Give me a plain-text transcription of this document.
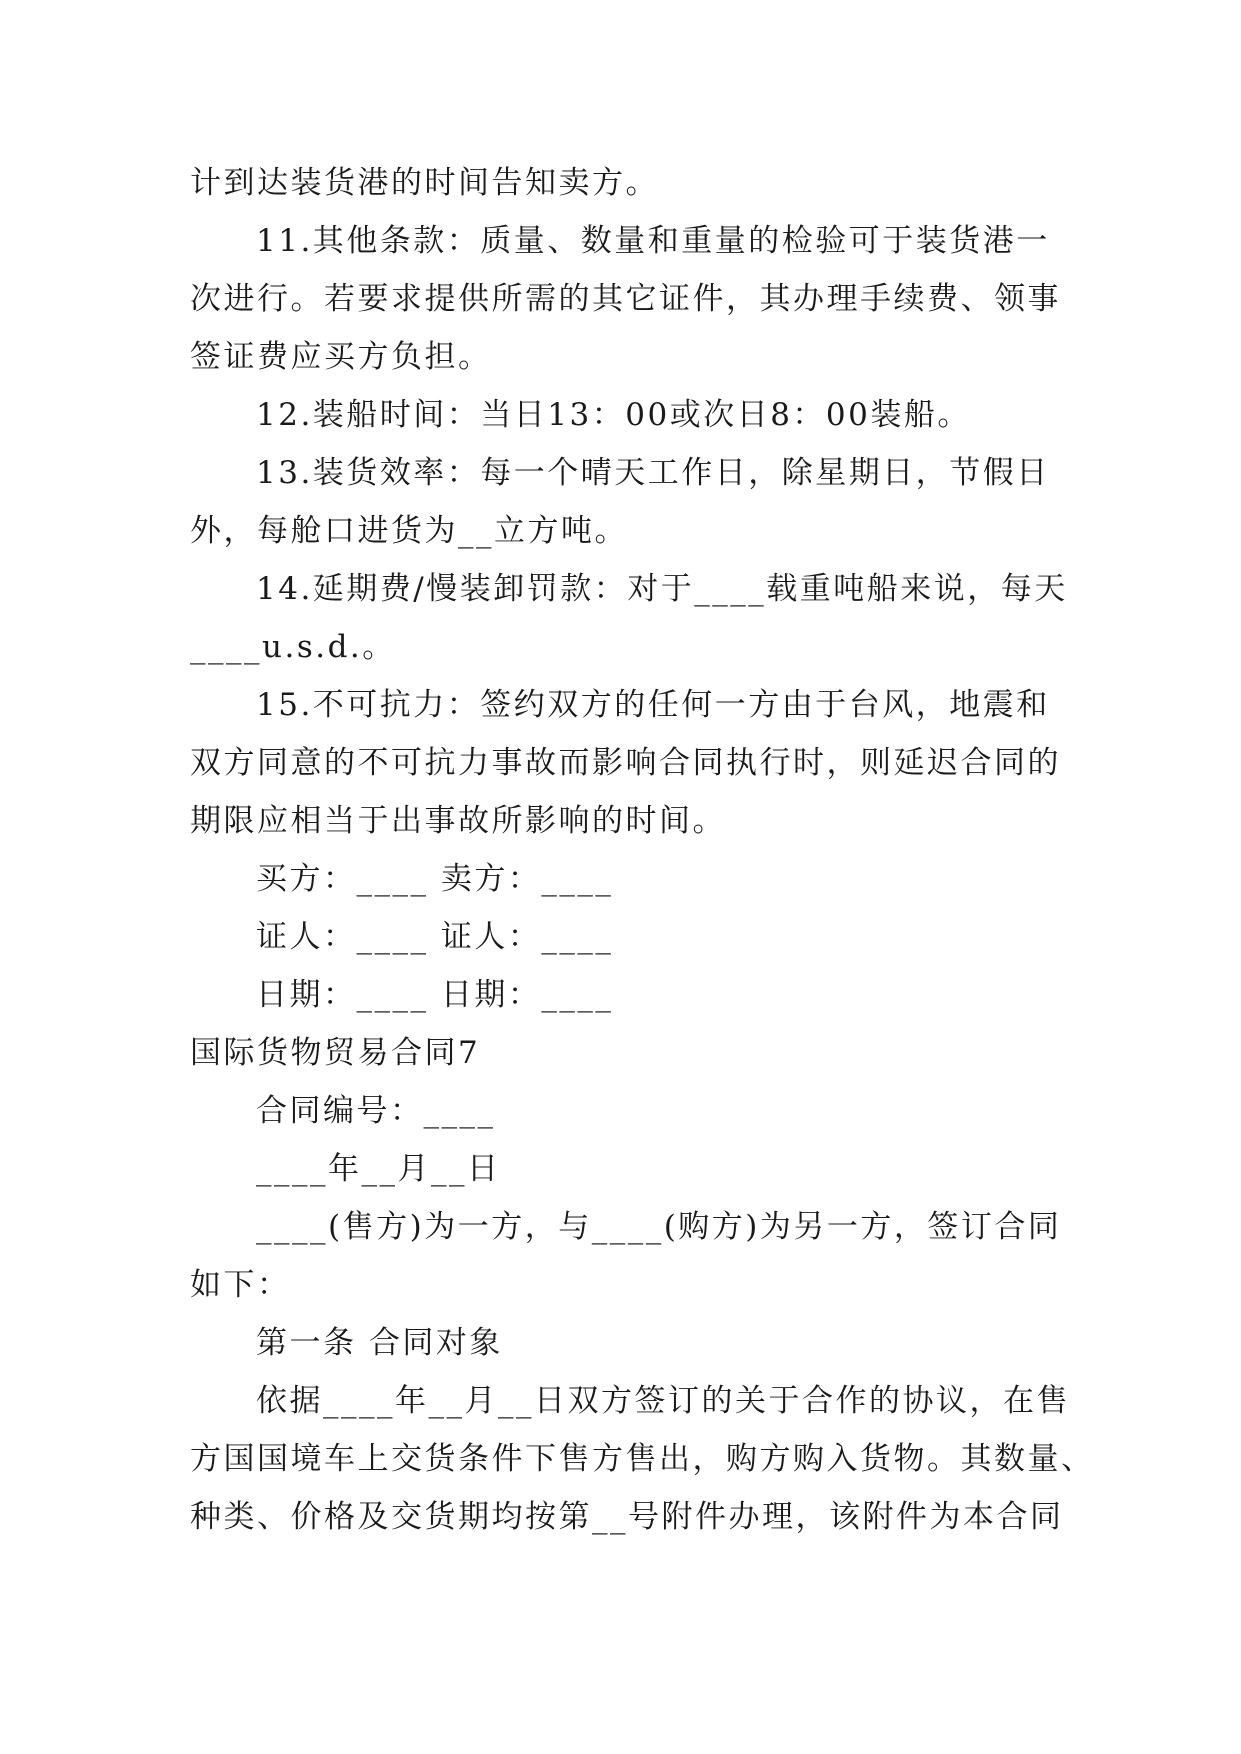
计到达装货港的时间告知卖方。
11.其他条款：质量、数量和重量的检验可于装货港一
次进行。若要求提供所需的其它证件，其办理手续费、领事
签证费应买方负担。
12.装船时间：当日13：00或次日8：00装船。
13.装货效率：每一个晴天工作日，除星期日，节假日
外，每舱口进货为__立方吨。
14.延期费/慢装卸罚款：对于____载重吨船来说，每天
____u.s.d.。
15.不可抗力：签约双方的任何一方由于台风，地震和
双方同意的不可抗力事故而影响合同执行时，则延迟合同的
期限应相当于出事故所影响的时间。
买方：____ 卖方：____
证人：____ 证人：____
日期：____ 日期：____
国际货物贸易合同7
合同编号：____
____年__月__日
____(售方)为一方，与____(购方)为另一方，签订合同
如下：
第一条 合同对象
依据____年__月__日双方签订的关于合作的协议，在售
方国国境车上交货条件下售方售出，购方购入货物。其数量、
种类、价格及交货期均按第__号附件办理，该附件为本合同
